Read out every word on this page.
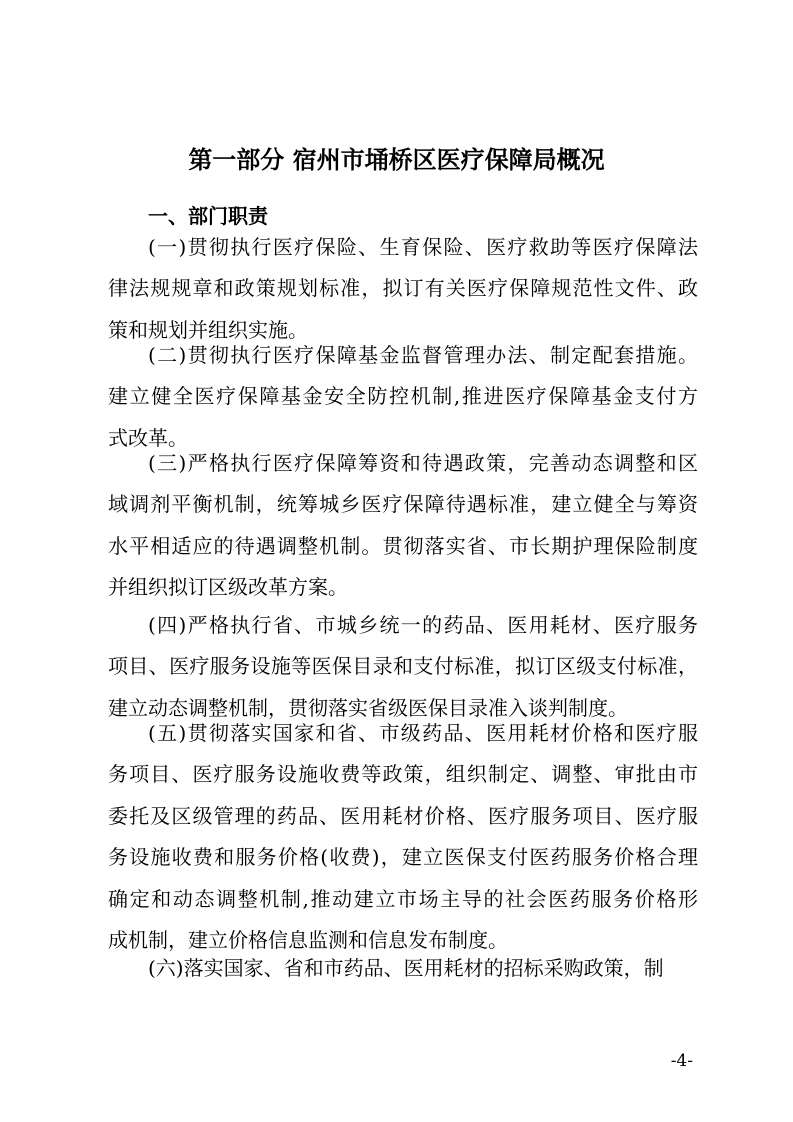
第一部分 宿州市埇桥区医疗保障局概况
一、部门职责
(一)贯彻执行医疗保险、生育保险、医疗救助等医疗保障法
律法规规章和政策规划标准，拟订有关医疗保障规范性文件、政
策和规划并组织实施。
(二)贯彻执行医疗保障基金监督管理办法、制定配套措施。
建立健全医疗保障基金安全防控机制,推进医疗保障基金支付方
式改革。
(三)严格执行医疗保障筹资和待遇政策，完善动态调整和区
域调剂平衡机制，统筹城乡医疗保障待遇标准，建立健全与筹资
水平相适应的待遇调整机制。贯彻落实省、市长期护理保险制度
并组织拟订区级改革方案。
(四)严格执行省、市城乡统一的药品、医用耗材、医疗服务
项目、医疗服务设施等医保目录和支付标准，拟订区级支付标准，
建立动态调整机制，贯彻落实省级医保目录准入谈判制度。
(五)贯彻落实国家和省、市级药品、医用耗材价格和医疗服
务项目、医疗服务设施收费等政策，组织制定、调整、审批由市
委托及区级管理的药品、医用耗材价格、医疗服务项目、医疗服
务设施收费和服务价格(收费)，建立医保支付医药服务价格合理
确定和动态调整机制,推动建立市场主导的社会医药服务价格形
成机制，建立价格信息监测和信息发布制度。
(六)落实国家、省和市药品、医用耗材的招标采购政策，制
-4-
